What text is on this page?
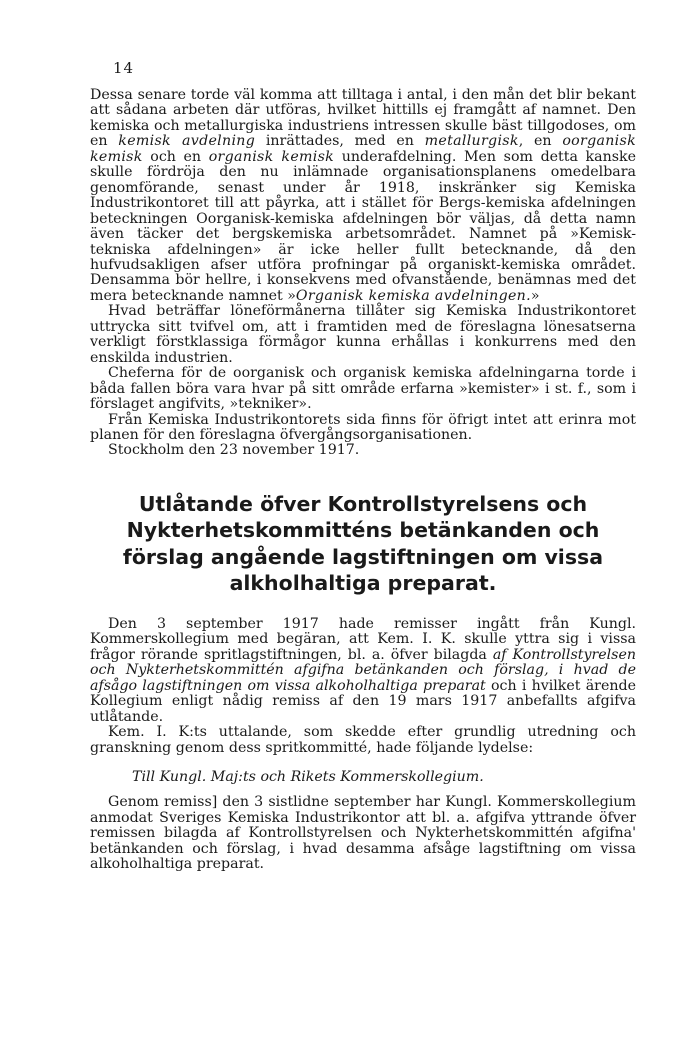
14

Dessa senare torde väl komma att tilltaga i antal, i den mån det blir bekant att sådana arbeten där utföras, hvilket hittills ej framgått af namnet. Den kemiska och metallurgiska industriens intressen skulle bäst tillgodoses, om en kemisk avdelning inrättades, med en metallurgisk, en oorganisk kemisk och en organisk kemisk underafdelning. Men som detta kanske skulle fördröja den nu inlämnade organisationsplanens omedelbara genomförande, senast under år 1918, inskränker sig Kemiska Industrikontoret till att påyrka, att i stället för Bergs-kemiska afdelningen beteckningen Oorganisk-kemiska afdelningen bör väljas, då detta namn även täcker det bergskemiska arbetsområdet. Namnet på »Kemisk-tekniska afdelningen» är icke heller fullt betecknande, då den hufvudsakligen afser utföra profningar på organiskt-kemiska området. Densamma bör hellre, i konsekvens med ofvanstående, benämnas med det mera betecknande namnet »Organisk kemiska avdelningen.»

Hvad beträffar löneförmånerna tillåter sig Kemiska Industrikontoret uttrycka sitt tvifvel om, att i framtiden med de föreslagna lönesatserna verkligt förstklassiga förmågor kunna erhållas i konkurrens med den enskilda industrien.

Cheferna för de oorganisk och organisk kemiska afdelningarna torde i båda fallen böra vara hvar på sitt område erfarna »kemister» i st. f., som i förslaget angifvits, »tekniker».

Från Kemiska Industrikontorets sida finns för öfrigt intet att erinra mot planen för den föreslagna öfvergångsorganisationen.

Stockholm den 23 november 1917.

Utlåtande öfver Kontrollstyrelsens och Nykterhetskommitténs betänkanden och förslag angående lagstiftningen om vissa alkholhaltiga preparat.

Den 3 september 1917 hade remisser ingått från Kungl. Kommerskollegium med begäran, att Kem. I. K. skulle yttra sig i vissa frågor rörande spritlagstiftningen, bl. a. öfver bilagda af Kontrollstyrelsen och Nykterhetskommittén afgifna betänkanden och förslag, i hvad de afsågo lagstiftningen om vissa alkoholhaltiga preparat och i hvilket ärende Kollegium enligt nådig remiss af den 19 mars 1917 anbefallts afgifva utlåtande.

Kem. I. K:ts uttalande, som skedde efter grundlig utredning och granskning genom dess spritkommitté, hade följande lydelse:

Till Kungl. Maj:ts och Rikets Kommerskollegium.

Genom remiss] den 3 sistlidne september har Kungl. Kommerskollegium anmodat Sveriges Kemiska Industrikontor att bl. a. afgifva yttrande öfver remissen bilagda af Kontrollstyrelsen och Nykterhetskommittén afgifna' betänkanden och förslag, i hvad desamma afsåge lagstiftning om vissa alkoholhaltiga preparat.
